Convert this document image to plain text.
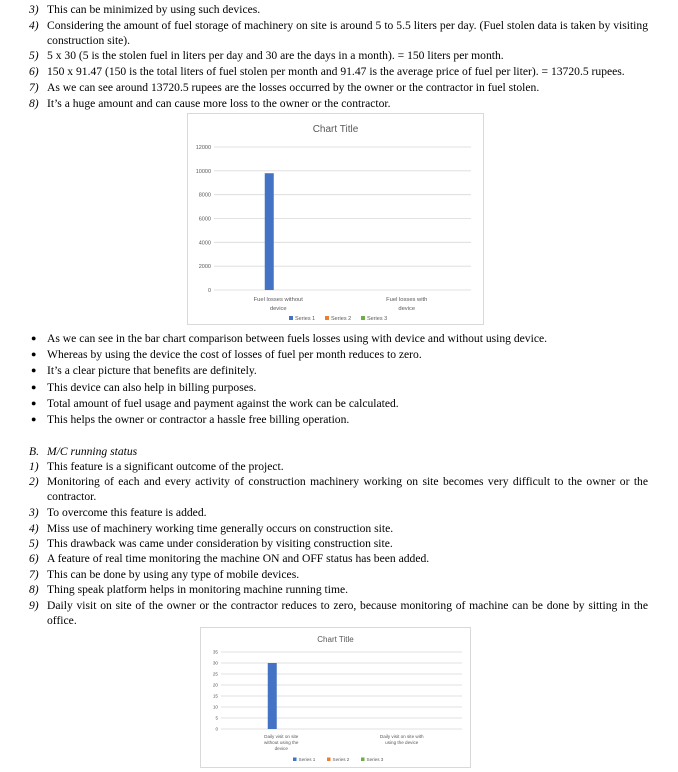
3) This can be minimized by using such devices.
4) Considering the amount of fuel storage of machinery on site is around 5 to 5.5 liters per day. (Fuel stolen data is taken by visiting construction site).
5) 5 x 30 (5 is the stolen fuel in liters per day and 30 are the days in a month). = 150 liters per month.
6) 150 x 91.47 (150 is the total liters of fuel stolen per month and 91.47 is the average price of fuel per liter). = 13720.5 rupees.
7) As we can see around 13720.5 rupees are the losses occurred by the owner or the contractor in fuel stolen.
8) It’s a huge amount and can cause more loss to the owner or the contractor.
Chart Title
0
2000
4000
6000
8000
10000
12000
Fuel losses without
device
Fuel losses with
device
Series 1	Series 2	Series 3
● As we can see in the bar chart comparison between fuels losses using with device and without using device.
● Whereas by using the device the cost of losses of fuel per month reduces to zero.
● It’s a clear picture that benefits are definitely.
● This device can also help in billing purposes.
● Total amount of fuel usage and payment against the work can be calculated.
● This helps the owner or contractor a hassle free billing operation.
B. M/C running status
1) This feature is a significant outcome of the project.
2) Monitoring of each and every activity of construction machinery working on site becomes very difficult to the owner or the contractor.
3) To overcome this feature is added.
4) Miss use of machinery working time generally occurs on construction site.
5) This drawback was came under consideration by visiting construction site.
6) A feature of real time monitoring the machine ON and OFF status has been added.
7) This can be done by using any type of mobile devices.
8) Thing speak platform helps in monitoring machine running time.
9) Daily visit on site of the owner or the contractor reduces to zero, because monitoring of machine can be done by sitting in the office.
Chart Title
0
5
10
15
20
25
30
35
Daily visit on site
without using the
device
Daily visit on site with
using the device
Series 1	Series 2	Series 3
